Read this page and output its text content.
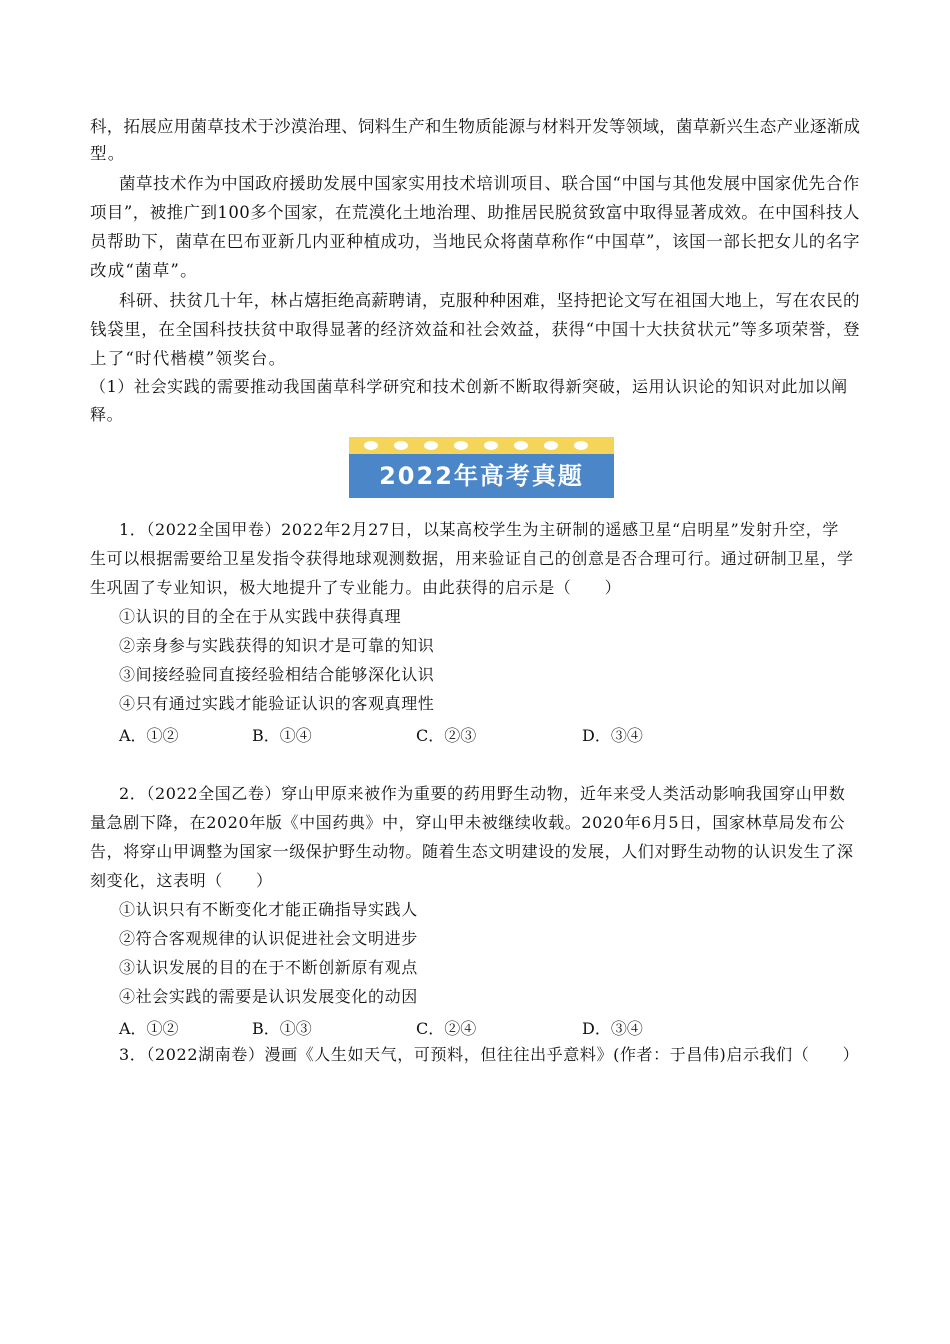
科，拓展应用菌草技术于沙漠治理、饲料生产和生物质能源与材料开发等领域，菌草新兴生态产业逐渐成
型。
菌草技术作为中国政府援助发展中国家实用技术培训项目、联合国“中国与其他发展中国家优先合作
项目”，被推广到100多个国家，在荒漠化土地治理、助推居民脱贫致富中取得显著成效。在中国科技人
员帮助下，菌草在巴布亚新几内亚种植成功，当地民众将菌草称作“中国草”，该国一部长把女儿的名字
改成“菌草”。
科研、扶贫几十年，林占熺拒绝高薪聘请，克服种种困难，坚持把论文写在祖国大地上，写在农民的
钱袋里，在全国科技扶贫中取得显著的经济效益和社会效益，获得“中国十大扶贫状元”等多项荣誉，登
上了“时代楷模”领奖台。
（1）社会实践的需要推动我国菌草科学研究和技术创新不断取得新突破，运用认识论的知识对此加以阐
释。
2022年高考真题
1．（2022全国甲卷）2022年2月27日，以某高校学生为主研制的遥感卫星“启明星”发射升空，学
生可以根据需要给卫星发指令获得地球观测数据，用来验证自己的创意是否合理可行。通过研制卫星，学
生巩固了专业知识，极大地提升了专业能力。由此获得的启示是（　　）
①认识的目的全在于从实践中获得真理
②亲身参与实践获得的知识才是可靠的知识
③间接经验同直接经验相结合能够深化认识
④只有通过实践才能验证认识的客观真理性
A．①②	B．①④	C．②③	D．③④
2．（2022全国乙卷）穿山甲原来被作为重要的药用野生动物，近年来受人类活动影响我国穿山甲数
量急剧下降，在2020年版《中国药典》中，穿山甲未被继续收载。2020年6月5日，国家林草局发布公
告，将穿山甲调整为国家一级保护野生动物。随着生态文明建设的发展，人们对野生动物的认识发生了深
刻变化，这表明（　　）
①认识只有不断变化才能正确指导实践人
②符合客观规律的认识促进社会文明进步
③认识发展的目的在于不断创新原有观点
④社会实践的需要是认识发展变化的动因
A．①②	B．①③	C．②④	D．③④
3．（2022湖南卷）漫画《人生如天气，可预料，但往往出乎意料》(作者：于昌伟)启示我们（　　）
